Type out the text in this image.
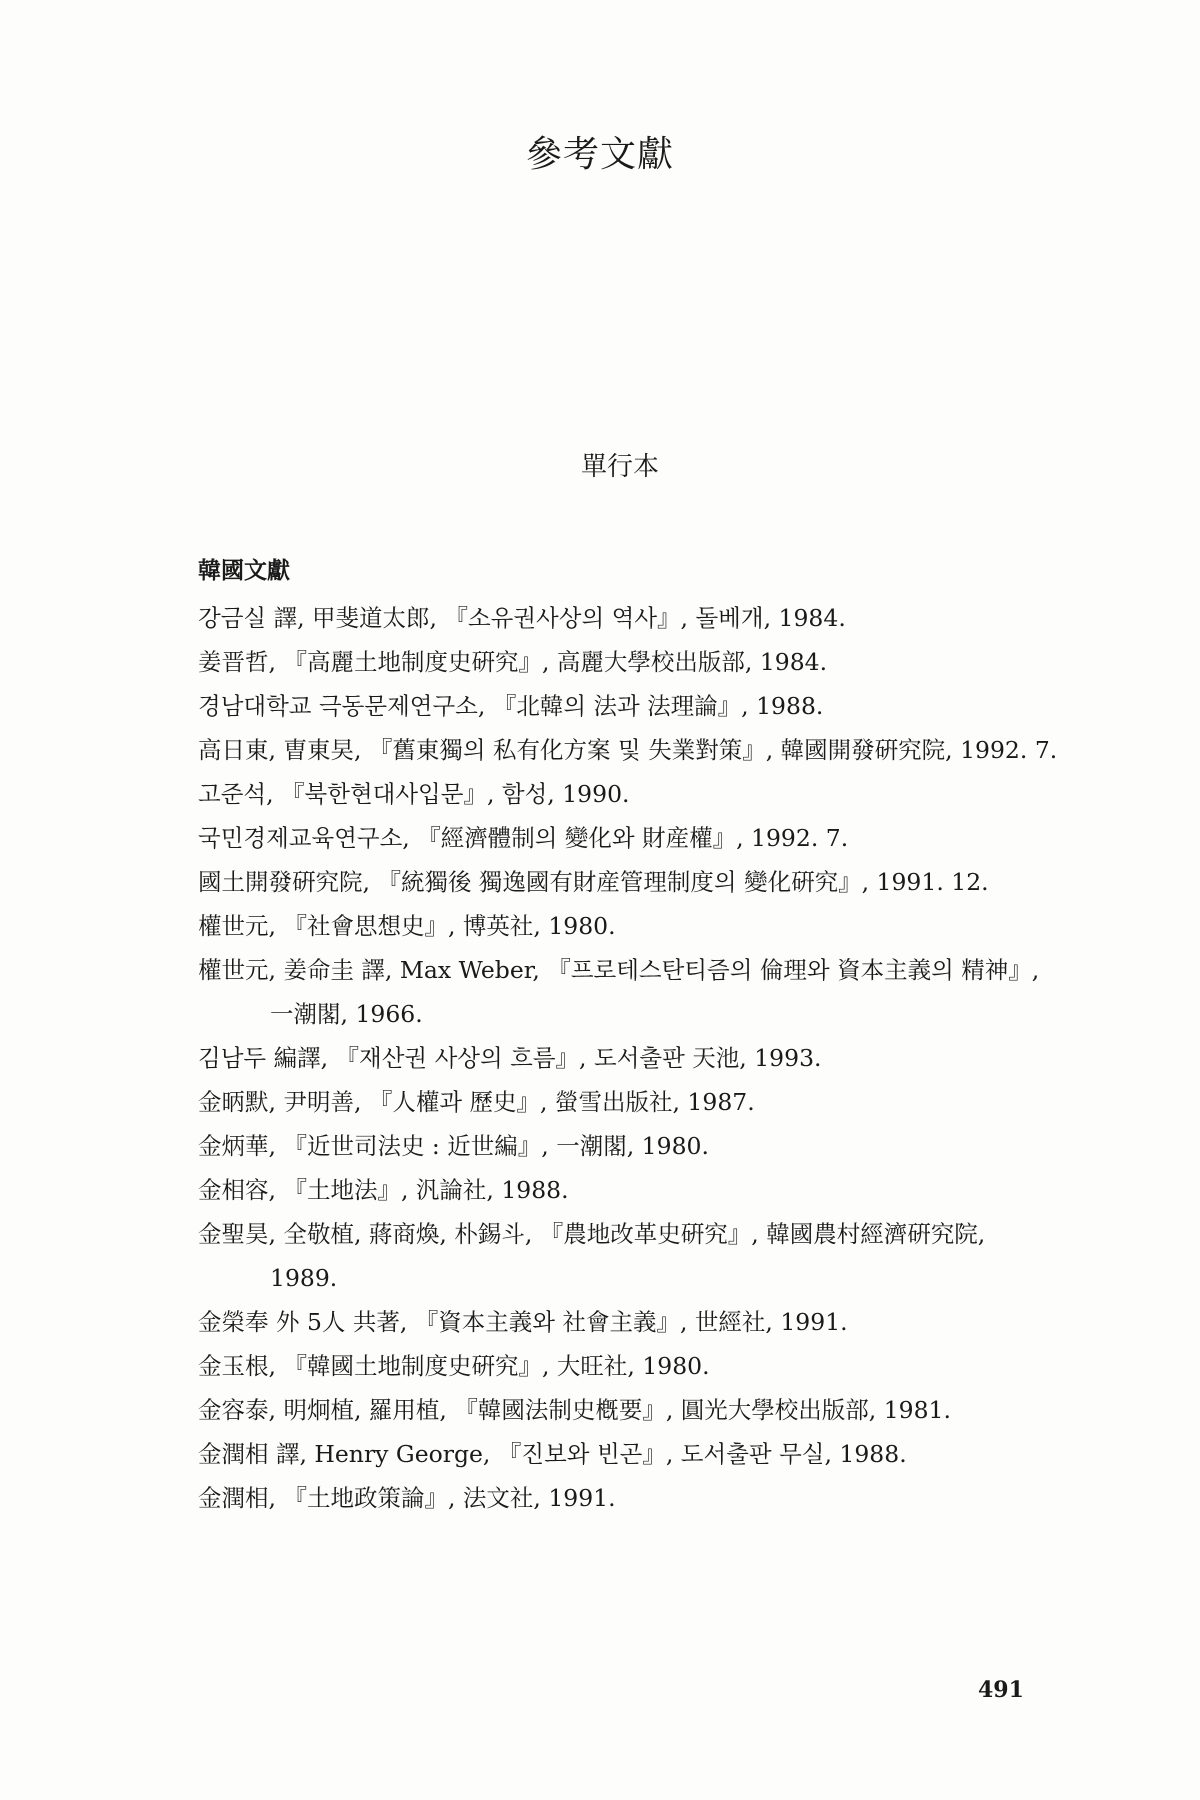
參考文獻
單行本
韓國文獻
강금실 譯, 甲斐道太郎, 『소유권사상의 역사』, 돌베개, 1984.
姜晋哲, 『高麗土地制度史硏究』, 高麗大學校出版部, 1984.
경남대학교 극동문제연구소, 『北韓의 法과 法理論』, 1988.
高日東, 曺東旲, 『舊東獨의 私有化方案 및 失業對策』, 韓國開發硏究院, 1992. 7.
고준석, 『북한현대사입문』, 함성, 1990.
국민경제교육연구소, 『經濟體制의 變化와 財産權』, 1992. 7.
國土開發硏究院, 『統獨後 獨逸國有財産管理制度의 變化硏究』, 1991. 12.
權世元, 『社會思想史』, 博英社, 1980.
權世元, 姜命圭 譯, Max Weber, 『프로테스탄티즘의 倫理와 資本主義의 精神』, 一潮閣, 1966.
김남두 編譯, 『재산권 사상의 흐름』, 도서출판 天池, 1993.
金昞默, 尹明善, 『人權과 歷史』, 螢雪出版社, 1987.
金炳華, 『近世司法史 : 近世編』, 一潮閣, 1980.
金相容, 『土地法』, 汎論社, 1988.
金聖昊, 全敬植, 蔣商煥, 朴錫斗, 『農地改革史硏究』, 韓國農村經濟硏究院, 1989.
金榮奉 外 5人 共著, 『資本主義와 社會主義』, 世經社, 1991.
金玉根, 『韓國土地制度史硏究』, 大旺社, 1980.
金容泰, 明炯植, 羅用植, 『韓國法制史槪要』, 圓光大學校出版部, 1981.
金潤相 譯, Henry George, 『진보와 빈곤』, 도서출판 무실, 1988.
金潤相, 『土地政策論』, 法文社, 1991.
491
